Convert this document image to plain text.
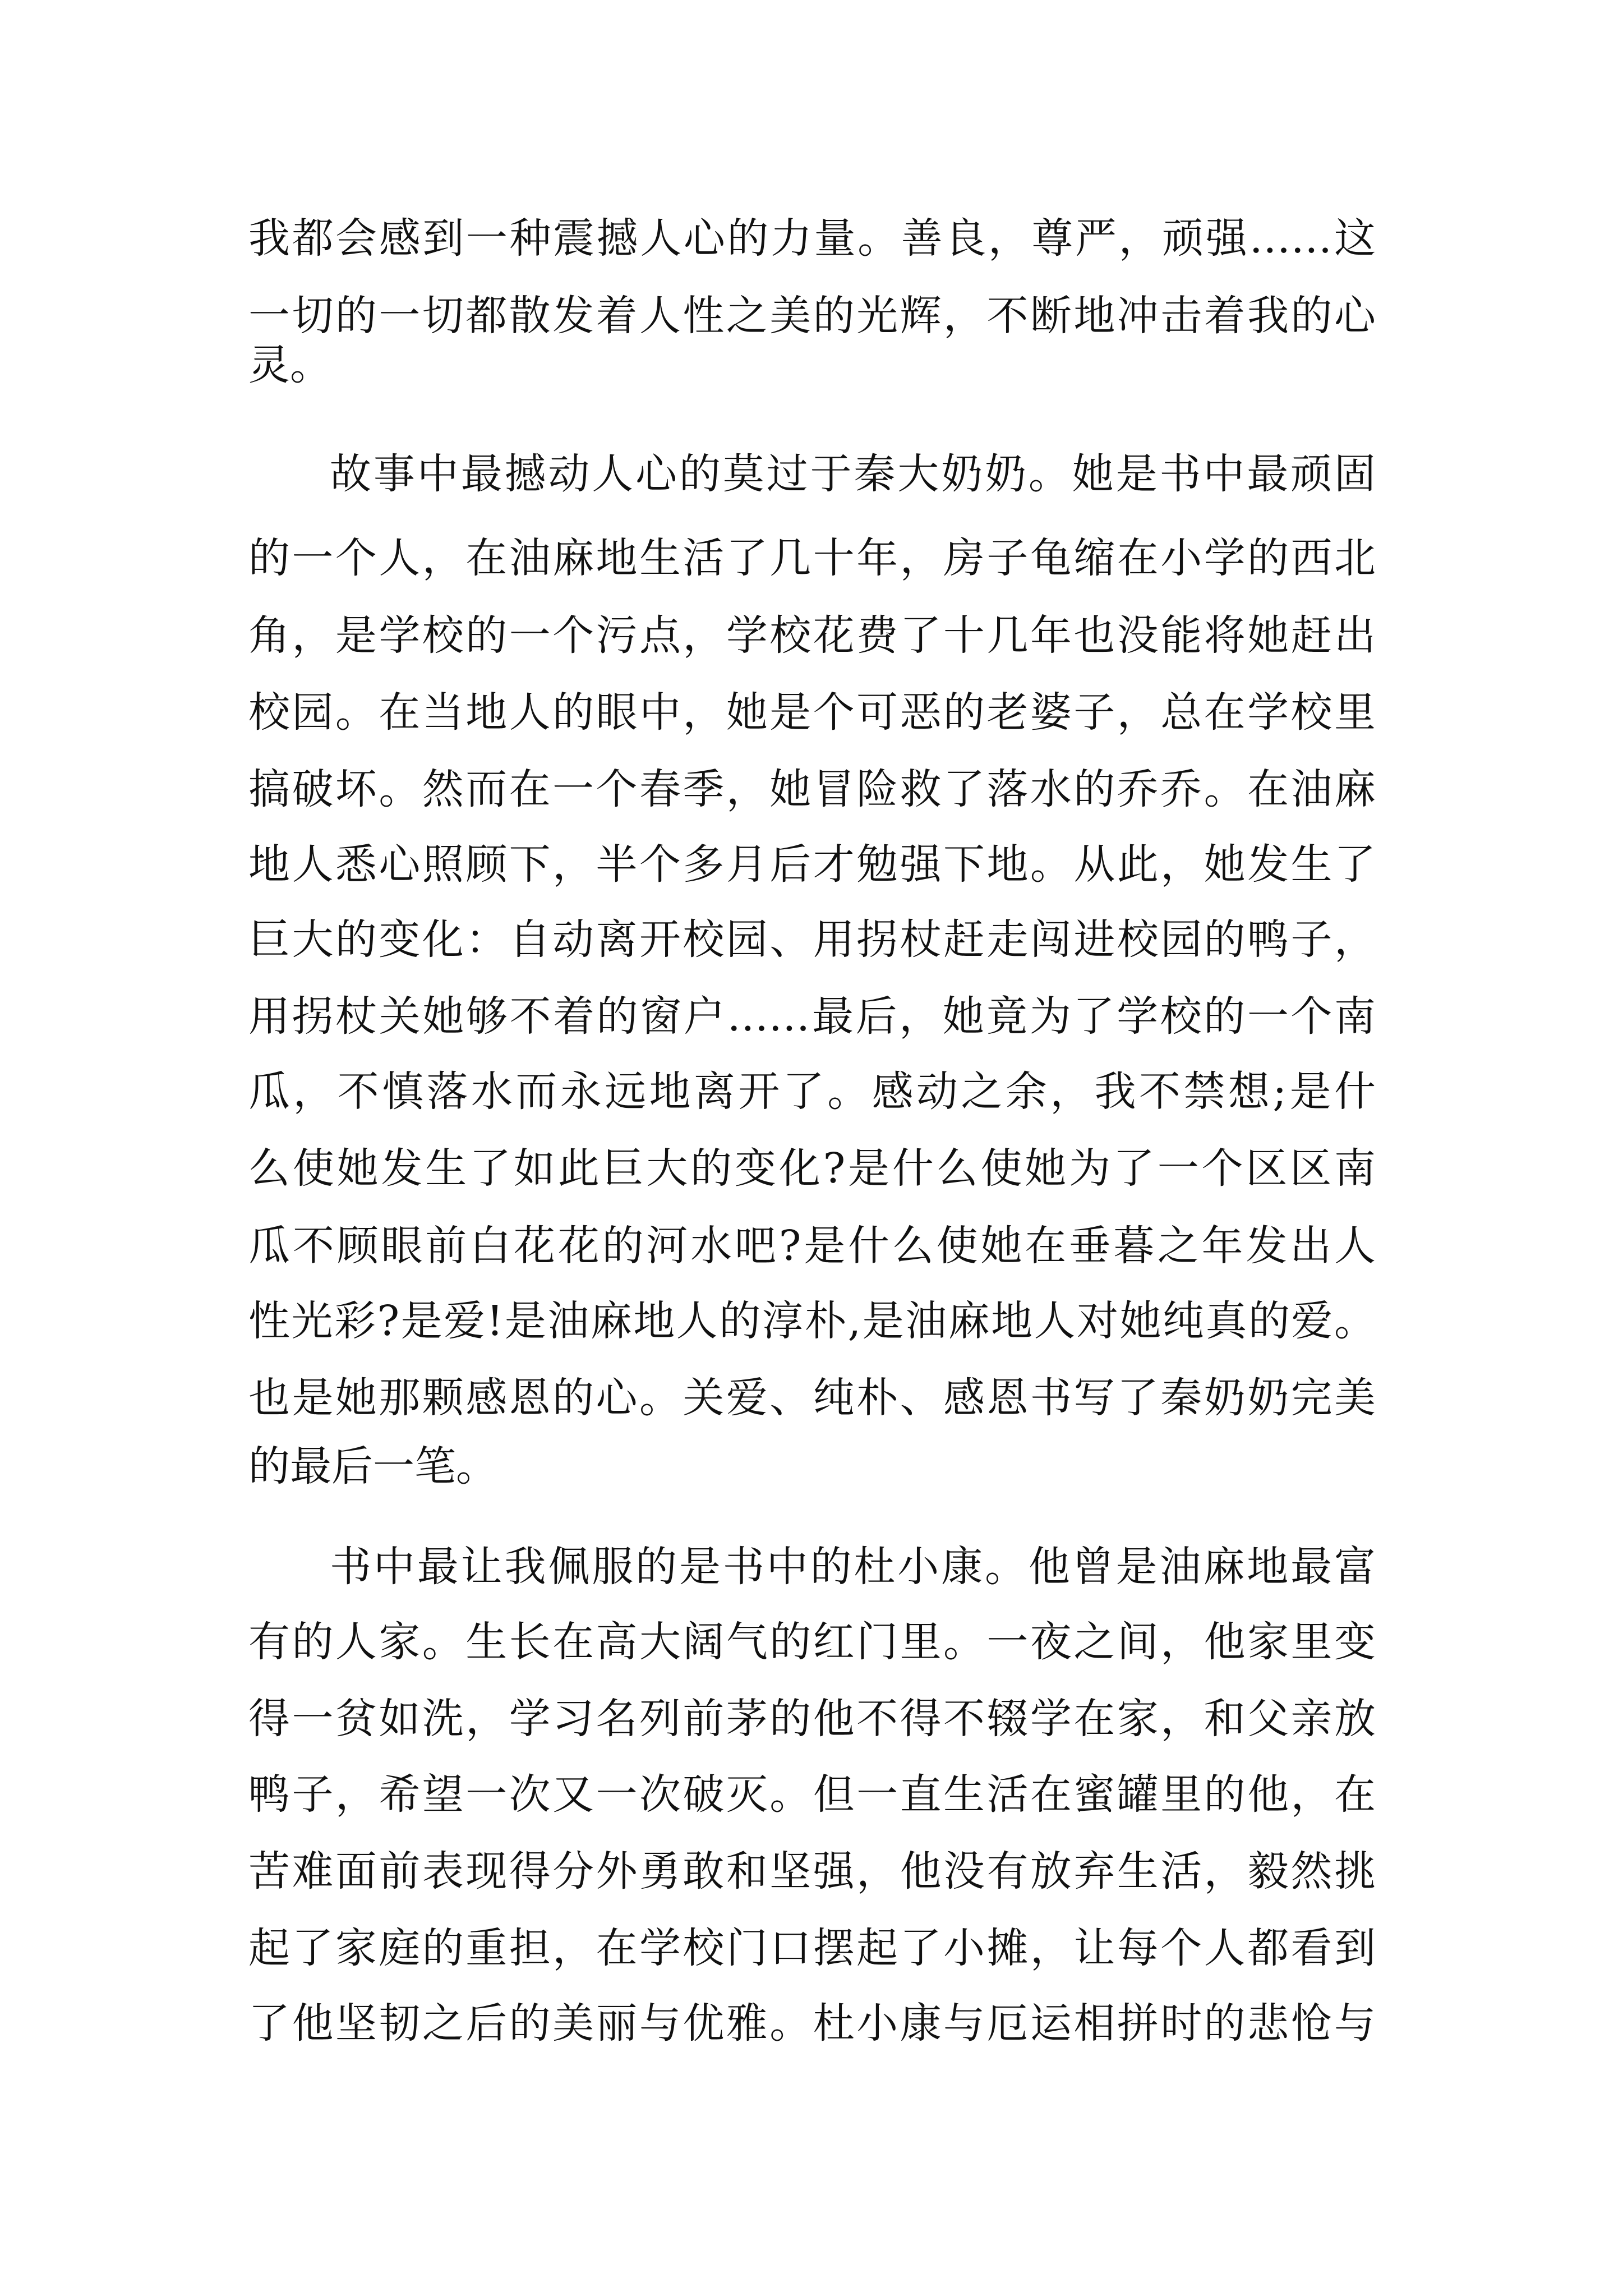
我都会感到一种震撼人心的力量。善良，尊严，顽强……这

一切的一切都散发着人性之美的光辉，不断地冲击着我的心

灵。

故事中最撼动人心的莫过于秦大奶奶。她是书中最顽固

的一个人，在油麻地生活了几十年，房子龟缩在小学的西北

角，是学校的一个污点，学校花费了十几年也没能将她赶出

校园。在当地人的眼中，她是个可恶的老婆子，总在学校里

搞破坏。然而在一个春季，她冒险救了落水的乔乔。在油麻

地人悉心照顾下，半个多月后才勉强下地。从此，她发生了

巨大的变化：自动离开校园、用拐杖赶走闯进校园的鸭子，

用拐杖关她够不着的窗户……最后，她竟为了学校的一个南

瓜，不慎落水而永远地离开了。感动之余，我不禁想;是什

么使她发生了如此巨大的变化?是什么使她为了一个区区南

瓜不顾眼前白花花的河水吧?是什么使她在垂暮之年发出人

性光彩?是爱!是油麻地人的淳朴,是油麻地人对她纯真的爱。

也是她那颗感恩的心。关爱、纯朴、感恩书写了秦奶奶完美

的最后一笔。

书中最让我佩服的是书中的杜小康。他曾是油麻地最富

有的人家。生长在高大阔气的红门里。一夜之间，他家里变

得一贫如洗，学习名列前茅的他不得不辍学在家，和父亲放

鸭子，希望一次又一次破灭。但一直生活在蜜罐里的他，在

苦难面前表现得分外勇敢和坚强，他没有放弃生活，毅然挑

起了家庭的重担，在学校门口摆起了小摊，让每个人都看到

了他坚韧之后的美丽与优雅。杜小康与厄运相拼时的悲怆与
